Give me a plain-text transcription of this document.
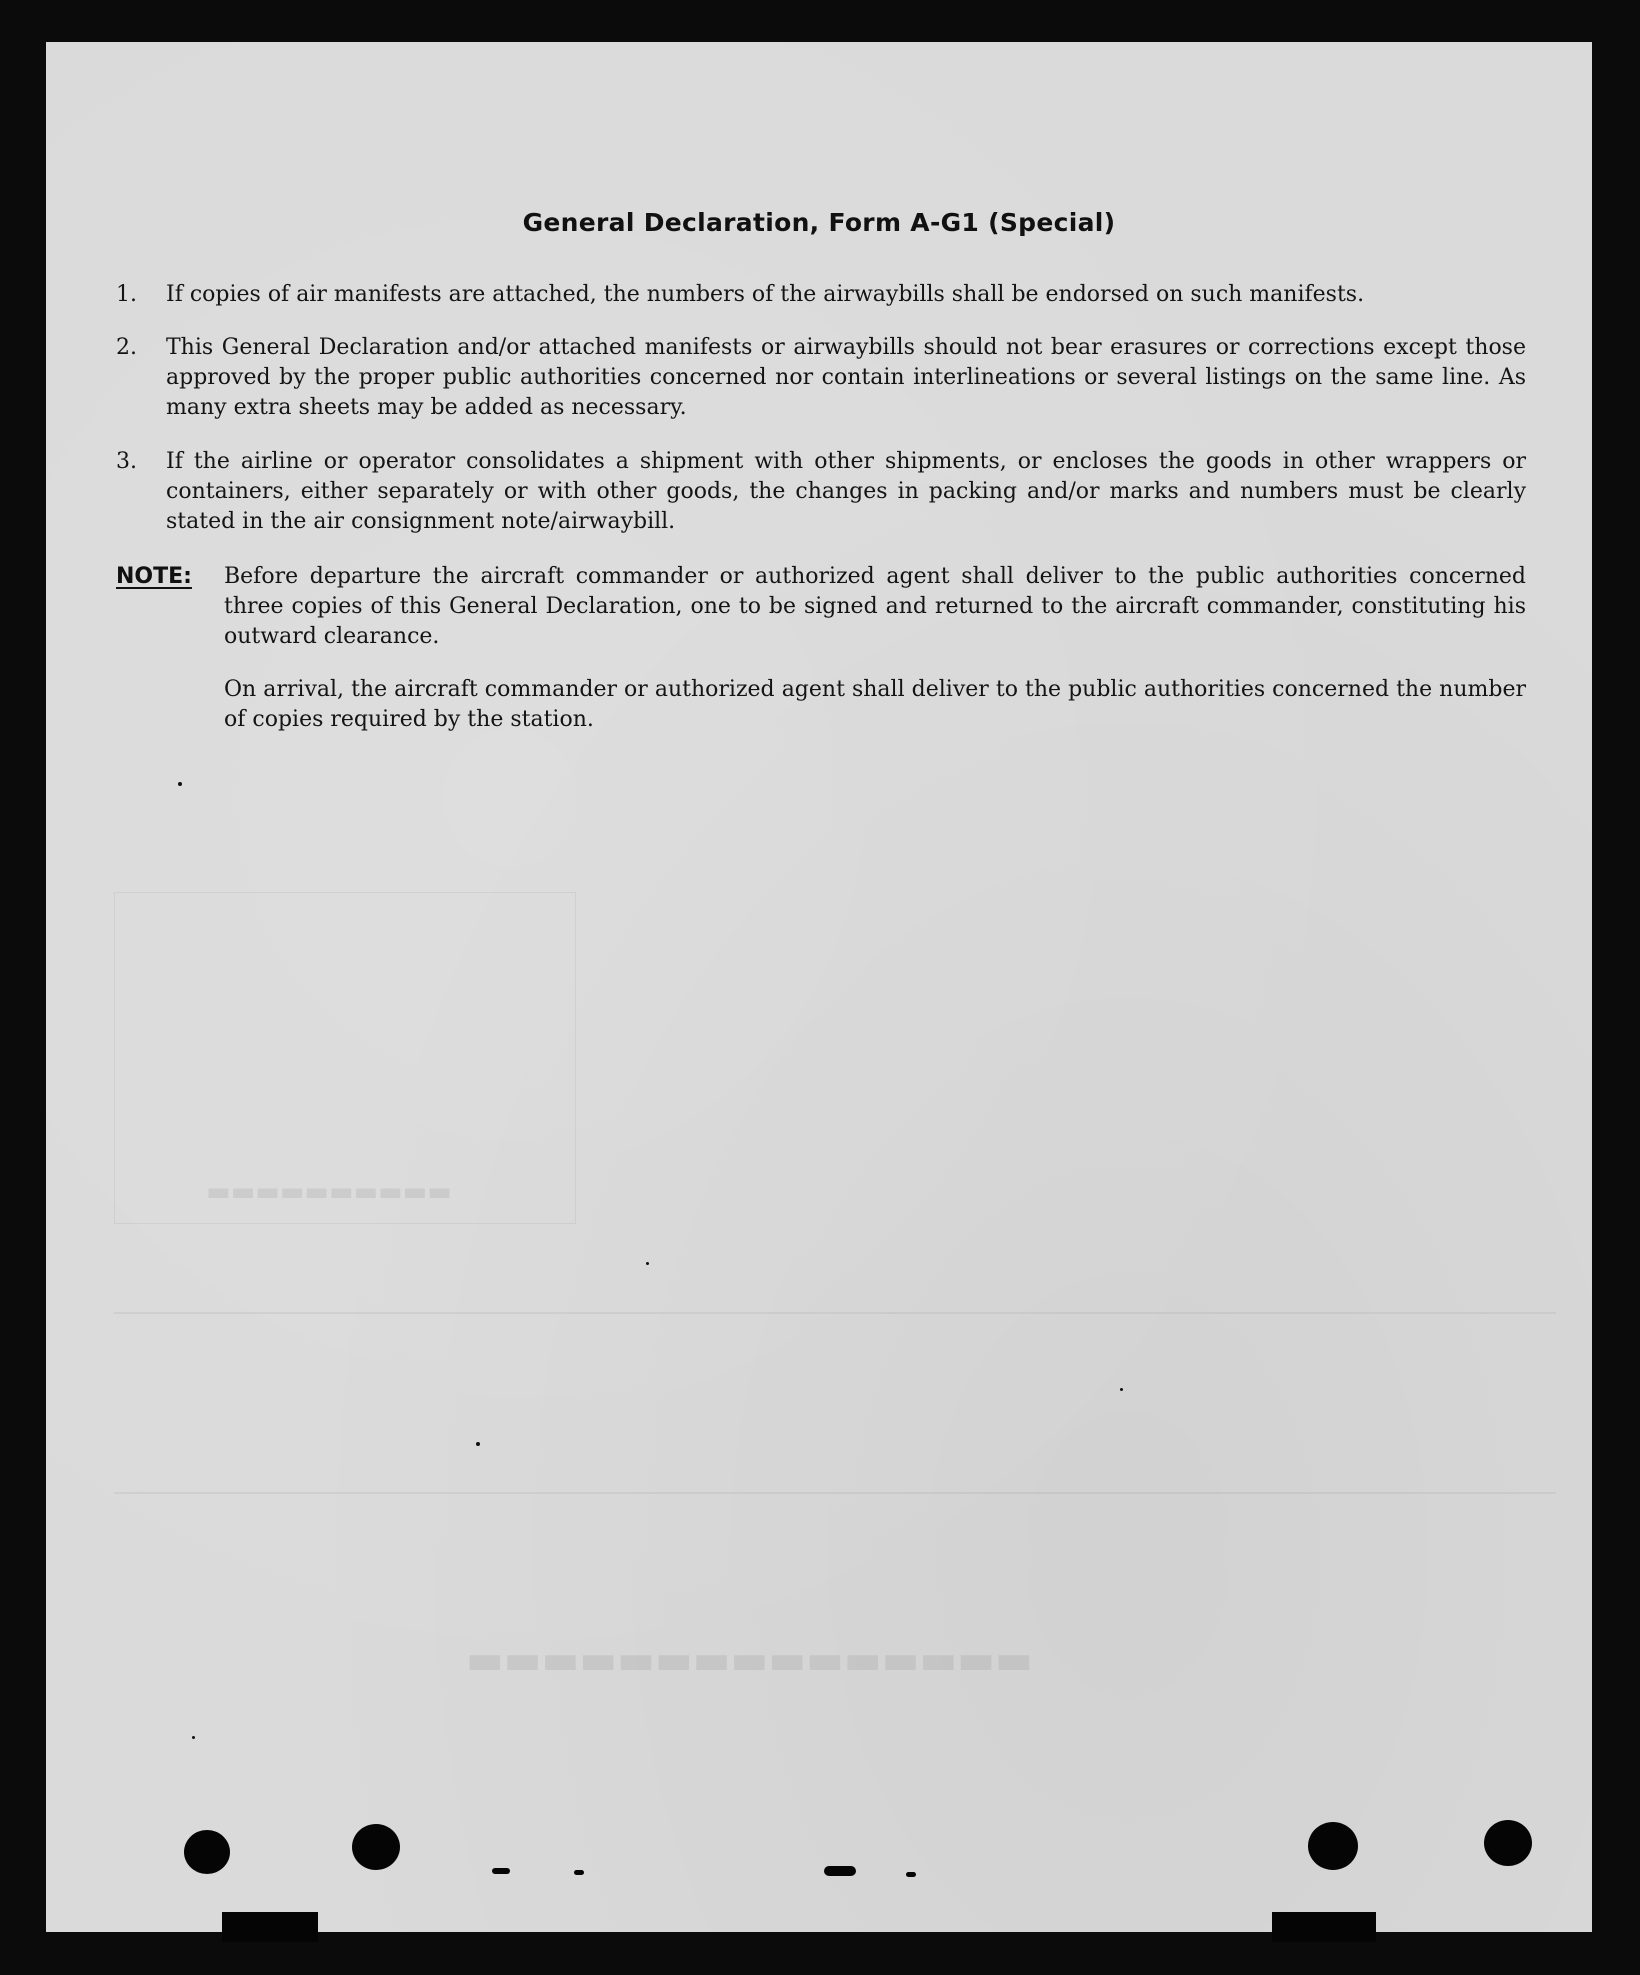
▬▬▬▬▬▬▬▬▬▬
▬▬▬▬▬▬▬▬▬▬▬▬▬▬▬
General Declaration, Form A-G1 (Special)
1.	If copies of air manifests are attached, the numbers of the airwaybills shall be endorsed on such manifests.
2.	This General Declaration and/or attached manifests or airwaybills should not bear erasures or corrections except those approved by the proper public authorities concerned nor contain interlineations or several listings on the same line. As many extra sheets may be added as necessary.
3.	If the airline or operator consolidates a shipment with other shipments, or encloses the goods in other wrappers or containers, either separately or with other goods, the changes in packing and/or marks and numbers must be clearly stated in the air consignment note/airwaybill.
NOTE: Before departure the aircraft commander or authorized agent shall deliver to the public authorities concerned three copies of this General Declaration, one to be signed and returned to the aircraft commander, constituting his outward clearance.
On arrival, the aircraft commander or authorized agent shall deliver to the public authorities concerned the number of copies required by the station.
